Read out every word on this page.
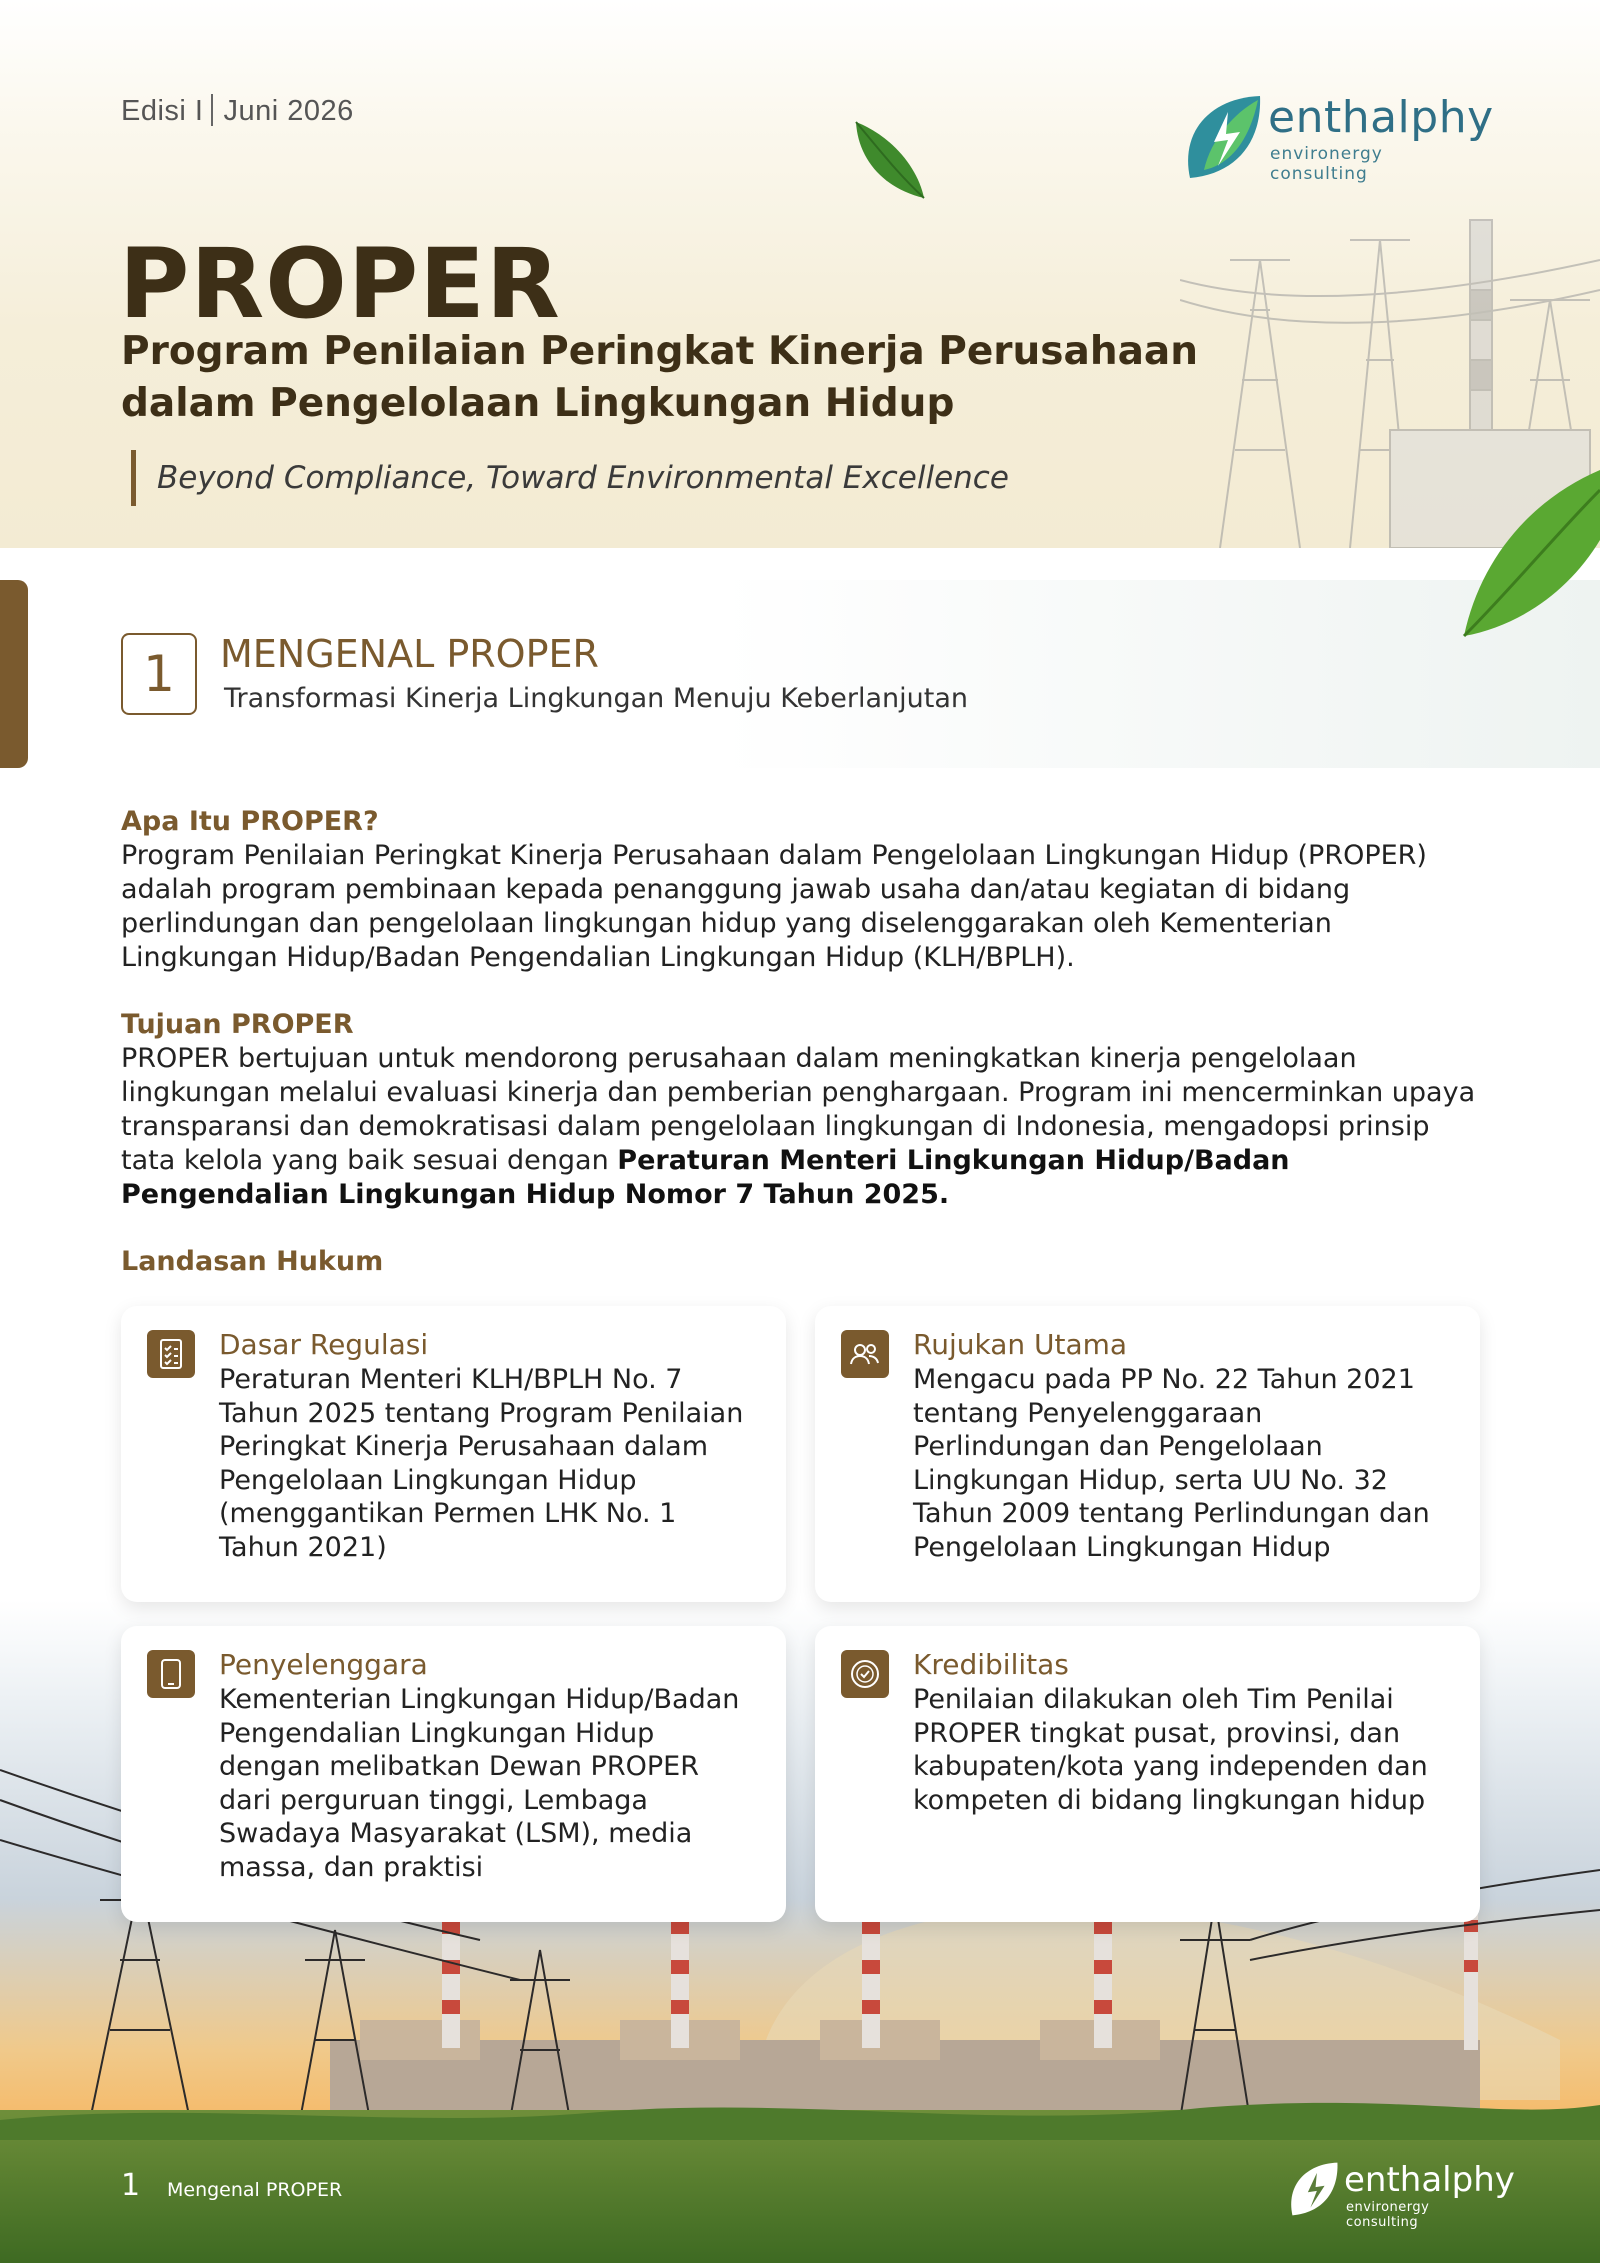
Edisi I Juni 2026	enthalphy
environergy consulting
PROPER
Program Penilaian Peringkat Kinerja Perusahaan
dalam Pengelolaan Lingkungan Hidup
Beyond Compliance, Toward Environmental Excellence
1	MENGENAL PROPER
Transformasi Kinerja Lingkungan Menuju Keberlanjutan
Apa Itu PROPER?

Program Penilaian Peringkat Kinerja Perusahaan dalam Pengelolaan Lingkungan Hidup (PROPER) adalah program pembinaan kepada penanggung jawab usaha dan/atau kegiatan di bidang perlindungan dan pengelolaan lingkungan hidup yang diselenggarakan oleh Kementerian Lingkungan Hidup/Badan Pengendalian Lingkungan Hidup (KLH/BPLH).

Tujuan PROPER

PROPER bertujuan untuk mendorong perusahaan dalam meningkatkan kinerja pengelolaan lingkungan melalui evaluasi kinerja dan pemberian penghargaan. Program ini mencerminkan upaya transparansi dan demokratisasi dalam pengelolaan lingkungan di Indonesia, mengadopsi prinsip tata kelola yang baik sesuai dengan Peraturan Menteri Lingkungan Hidup/Badan Pengendalian Lingkungan Hidup Nomor 7 Tahun 2025.

Landasan Hukum
Dasar Regulasi
Peraturan Menteri KLH/BPLH No. 7 Tahun 2025 tentang Program Penilaian Peringkat Kinerja Perusahaan dalam Pengelolaan Lingkungan Hidup (menggantikan Permen LHK No. 1 Tahun 2021)
Rujukan Utama
Mengacu pada PP No. 22 Tahun 2021 tentang Penyelenggaraan Perlindungan dan Pengelolaan Lingkungan Hidup, serta UU No. 32 Tahun 2009 tentang Perlindungan dan Pengelolaan Lingkungan Hidup
Penyelenggara
Kementerian Lingkungan Hidup/Badan Pengendalian Lingkungan Hidup dengan melibatkan Dewan PROPER dari perguruan tinggi, Lembaga Swadaya Masyarakat (LSM), media massa, dan praktisi
Kredibilitas
Penilaian dilakukan oleh Tim Penilai PROPER tingkat pusat, provinsi, dan kabupaten/kota yang independen dan kompeten di bidang lingkungan hidup
1 Mengenal PROPER	enthalphy
environergy consulting
